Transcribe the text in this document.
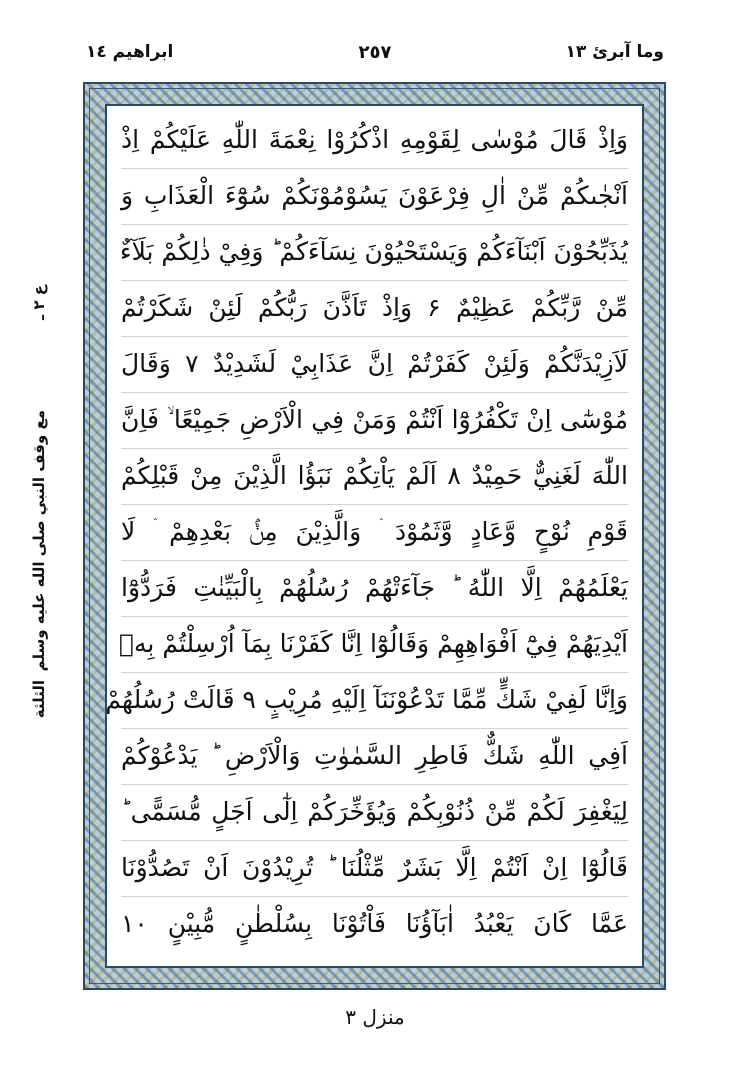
وما آبرئ ١٣
٢٥٧
ابراهيم ١٤
ع ٢ ـ
مع وقف النبي صلى الله عليه وسلم
الثلثة
وَاِذْ قَالَ مُوْسٰى لِقَوْمِهِ اذْكُرُوْا نِعْمَةَ اللّٰهِ عَلَيْكُمْ اِذْ
اَنْجٰىكُمْ مِّنْ اٰلِ فِرْعَوْنَ يَسُوْمُوْنَكُمْ سُوْٓءَ الْعَذَابِ وَ
يُذَبِّحُوْنَ اَبْنَآءَكُمْ وَيَسْتَحْيُوْنَ نِسَآءَكُمْ ؕ وَفِيْ ذٰلِكُمْ بَلَآءٌ
مِّنْ رَّبِّكُمْ عَظِيْمٌ ۶ وَاِذْ تَاَذَّنَ رَبُّكُمْ لَئِنْ شَكَرْتُمْ
لَاَزِيْدَنَّكُمْ وَلَئِنْ كَفَرْتُمْ اِنَّ عَذَابِيْ لَشَدِيْدٌ ۷ وَقَالَ
مُوْسٰٓى اِنْ تَكْفُرُوْٓا اَنْتُمْ وَمَنْ فِي الْاَرْضِ جَمِيْعًا ۙ فَاِنَّ
اللّٰهَ لَغَنِيٌّ حَمِيْدٌ ۸ اَلَمْ يَاْتِكُمْ نَبَؤُا الَّذِيْنَ مِنْ قَبْلِكُمْ
قَوْمِ نُوْحٍ وَّعَادٍ وَّثَمُوْدَ ۛ وَالَّذِيْنَ مِنْۢ بَعْدِهِمْ ۛ لَا
يَعْلَمُهُمْ اِلَّا اللّٰهُ ؕ جَآءَتْهُمْ رُسُلُهُمْ بِالْبَيِّنٰتِ فَرَدُّوْٓا
اَيْدِيَهُمْ فِيْٓ اَفْوَاهِهِمْ وَقَالُوْٓا اِنَّا كَفَرْنَا بِمَآ اُرْسِلْتُمْ بِهٖ
وَاِنَّا لَفِيْ شَكٍّ مِّمَّا تَدْعُوْنَنَآ اِلَيْهِ مُرِيْبٍ ۹ قَالَتْ رُسُلُهُمْ
اَفِي اللّٰهِ شَكٌّ فَاطِرِ السَّمٰوٰتِ وَالْاَرْضِ ؕ يَدْعُوْكُمْ
لِيَغْفِرَ لَكُمْ مِّنْ ذُنُوْبِكُمْ وَيُؤَخِّرَكُمْ اِلٰٓى اَجَلٍ مُّسَمًّى ؕ
قَالُوْٓا اِنْ اَنْتُمْ اِلَّا بَشَرٌ مِّثْلُنَا ؕ تُرِيْدُوْنَ اَنْ تَصُدُّوْنَا
عَمَّا كَانَ يَعْبُدُ اٰبَآؤُنَا فَاْتُوْنَا بِسُلْطٰنٍ مُّبِيْنٍ ۱۰
منزل ٣
